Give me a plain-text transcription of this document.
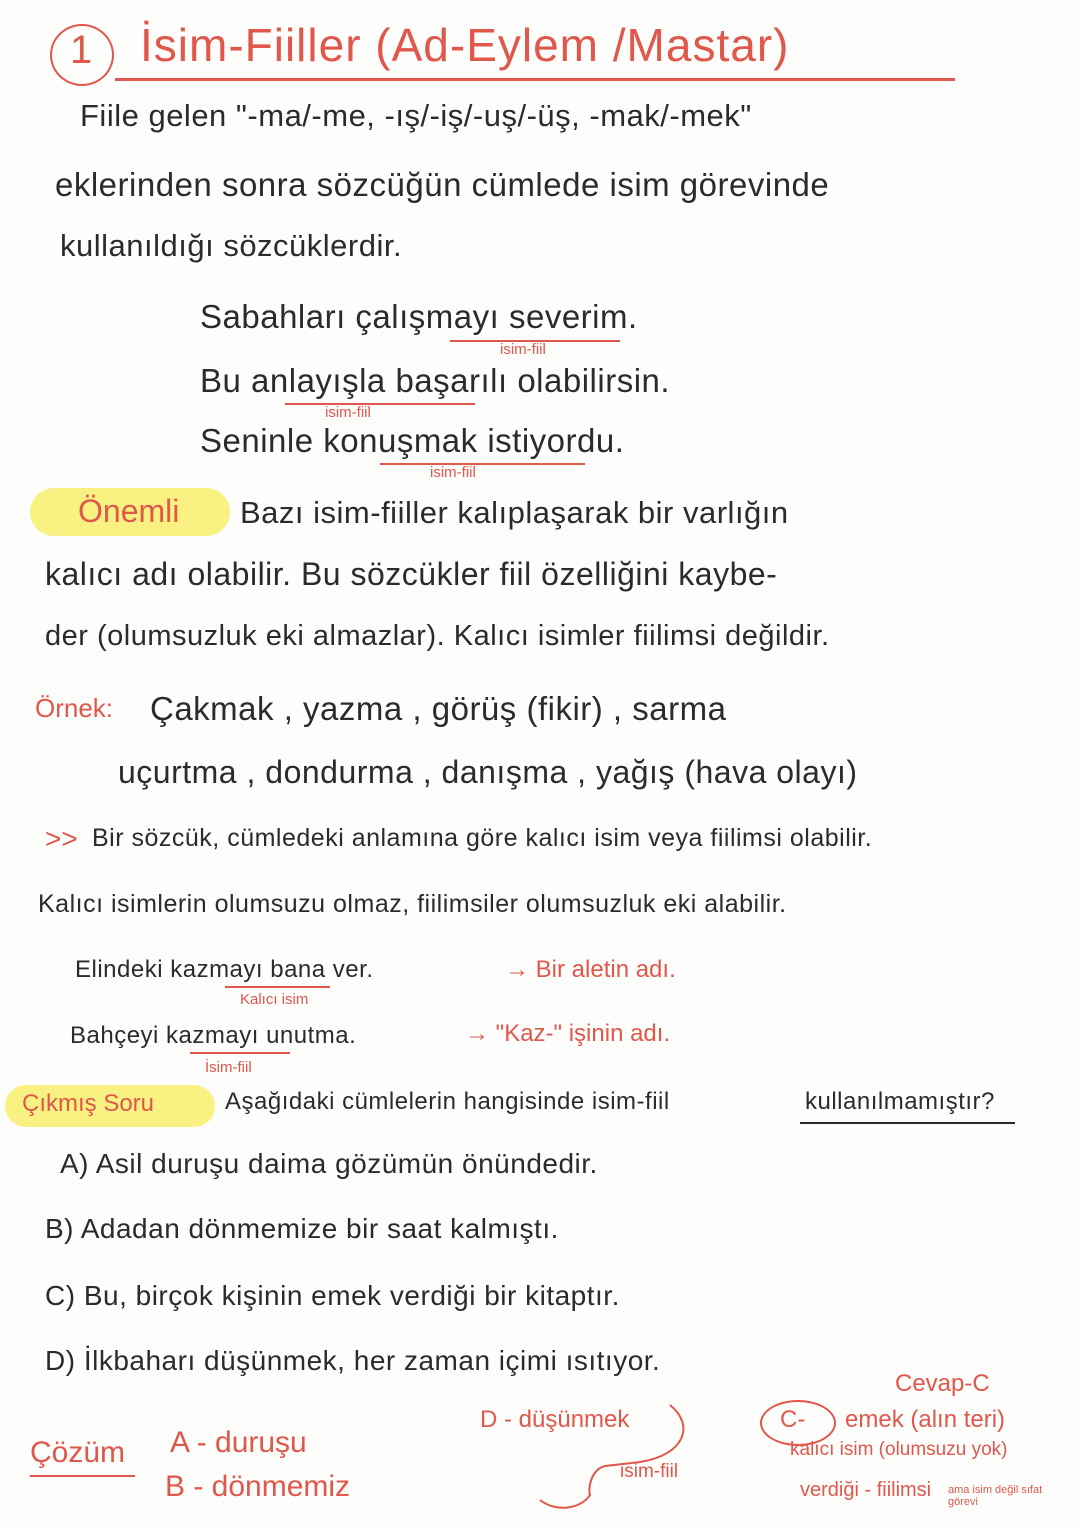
1 İsim-Fiiller (Ad-Eylem /Mastar)
Fiile gelen "-ma/-me, -ış/-iş/-uş/-üş, -mak/-mek"
eklerinden sonra sözcüğün cümlede isim görevinde
kullanıldığı sözcüklerdir.
Sabahları çalışmayı severim.
isim-fiil
Bu anlayışla başarılı olabilirsin.
isim-fiil
Seninle konuşmak istiyordu.
isim-fiil
Önemli Bazı isim-fiiller kalıplaşarak bir varlığın
kalıcı adı olabilir. Bu sözcükler fiil özelliğini kaybe-
der (olumsuzluk eki almazlar). Kalıcı isimler fiilimsi değildir.
Örnek: Çakmak , yazma , görüş (fikir) , sarma
uçurtma , dondurma , danışma , yağış (hava olayı)
>> Bir sözcük, cümledeki anlamına göre kalıcı isim veya fiilimsi olabilir.
Kalıcı isimlerin olumsuzu olmaz, fiilimsiler olumsuzluk eki alabilir.
Elindeki kazmayı bana ver.	→ Bir aletin adı.
Kalıcı isim
Bahçeyi kazmayı unutma.	→ "Kaz-" işinin adı.
İsim-fiil
Çıkmış Soru	Aşağıdaki cümlelerin hangisinde isim-fiil	kullanılmamıştır?
A) Asil duruşu daima gözümün önündedir.
B) Adadan dönmemize bir saat kalmıştı.
C) Bu, birçok kişinin emek verdiği bir kitaptır.
D) İlkbaharı düşünmek, her zaman içimi ısıtıyor.
Çözüm A - duruşu
B - dönmemiz
D - düşünmek
isim-fiil
Cevap-C
C- emek (alın teri)
kalıcı isim (olumsuzu yok)
verdiği - fiilimsi ama isim değil sıfat görevi
